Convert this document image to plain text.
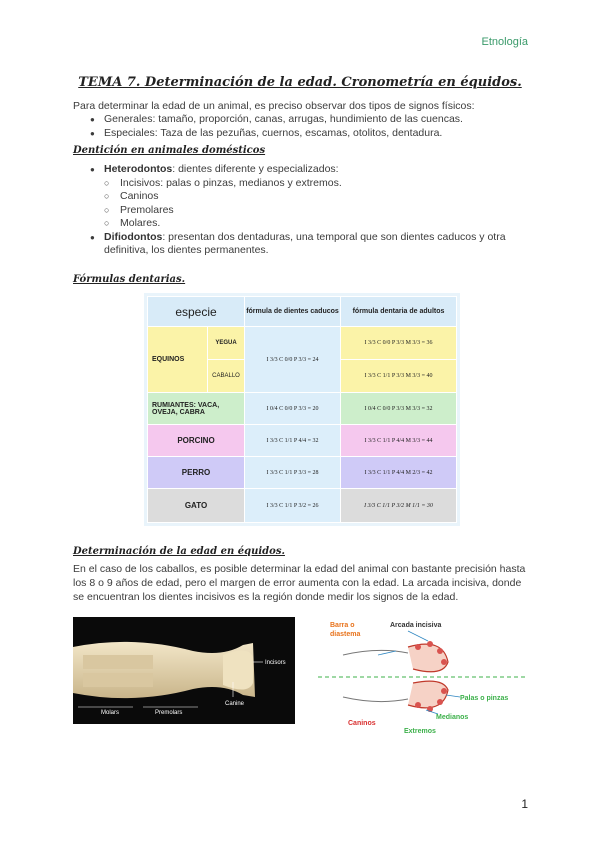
Etnología
TEMA 7. Determinación de la edad. Cronometría en équidos.
Para determinar la edad de un animal, es preciso observar dos tipos de signos físicos:
● Generales: tamaño, proporción, canas, arrugas, hundimiento de las cuencas.
● Especiales: Taza de las pezuñas, cuernos, escamas, otolitos, dentadura.
Dentición en animales domésticos
● Heterodontos: dientes diferente y especializados:
○ Incisivos: palas o pinzas, medianos y extremos.
○ Caninos
○ Premolares
○ Molares.
● Difiodontos: presentan dos dentaduras, una temporal que son dientes caducos y otra definitiva, los dientes permanentes.
Fórmulas dentarias.
especie		fórmula de dientes caducos	fórmula dentaria de adultos
EQUINOS	YEGUA	I 3/3 C 0/0 P 3/3 = 24	I 3/3 C 0/0 P 3/3 M 3/3 = 36
	CABALLO		I 3/3 C 1/1 P 3/3 M 3/3 = 40
RUMIANTES: VACA, OVEJA, CABRA		I 0/4 C 0/0 P 3/3 = 20	I 0/4 C 0/0 P 3/3 M 3/3 = 32
PORCINO		I 3/3 C 1/1 P 4/4 = 32	I 3/3 C 1/1 P 4/4 M 3/3 = 44
PERRO		I 3/3 C 1/1 P 3/3 = 28	I 3/3 C 1/1 P 4/4 M 2/3 = 42
GATO		I 3/3 C 1/1 P 3/2 = 26	I 3/3 C 1/1 P 3/2 M 1/1 = 30
Determinación de la edad en équidos.
En el caso de los caballos, es posible determinar la edad del animal con bastante precisión hasta los 8 o 9 años de edad, pero el margen de error aumenta con la edad. La arcada incisiva, donde se encuentran los dientes incisivos es la región donde medir los signos de la edad.
Molars	Premolars
Canine
Incisors
Barra o
diastema
Arcada incisiva
Palas o pinzas
Medianos
Caninos
Extremos
1
